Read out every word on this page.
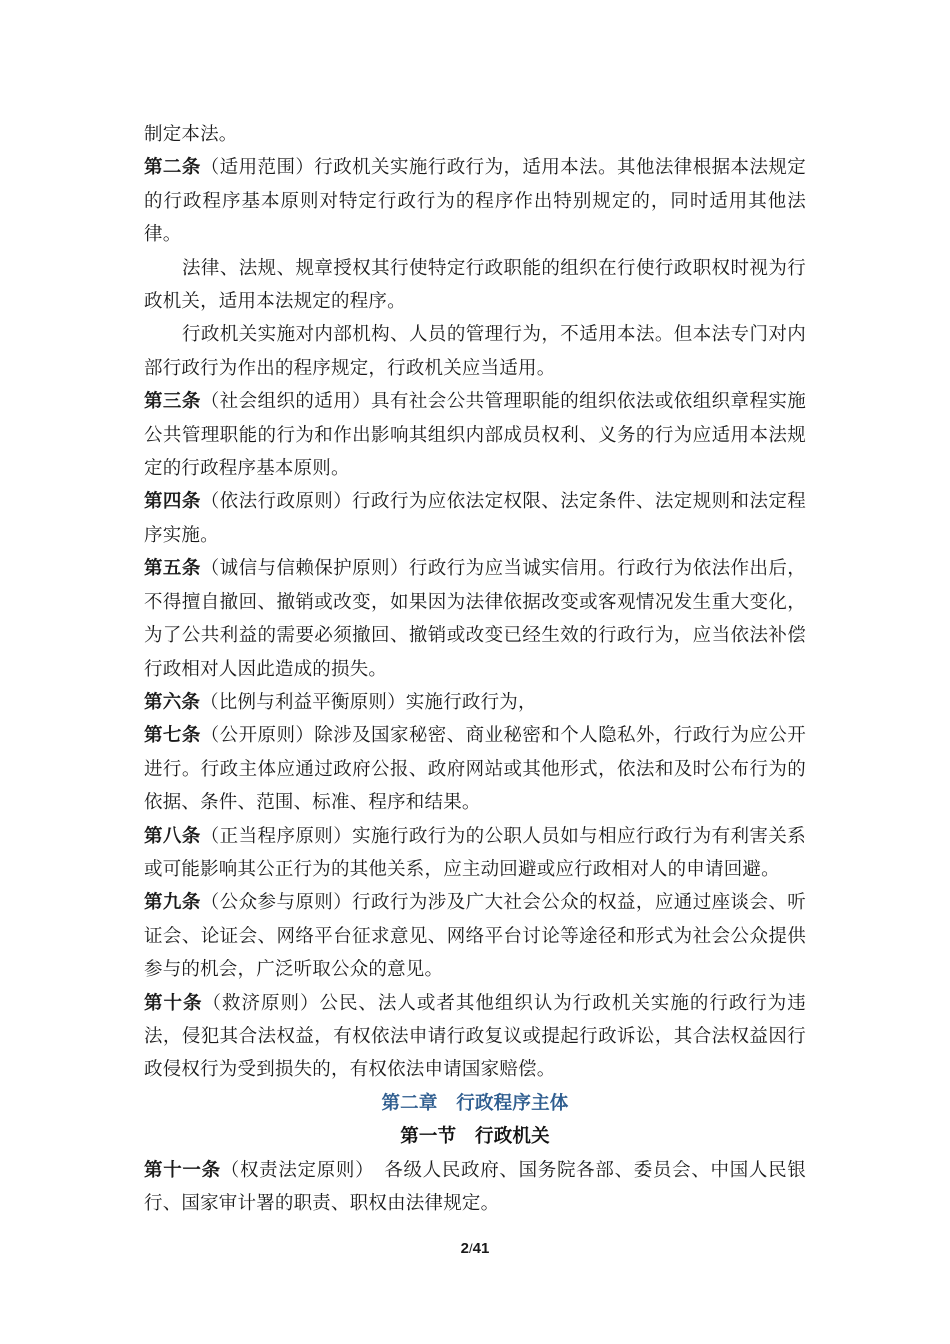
制定本法。

第二条（适用范围）行政机关实施行政行为，适用本法。其他法律根据本法规定的行政程序基本原则对特定行政行为的程序作出特别规定的，同时适用其他法律。

法律、法规、规章授权其行使特定行政职能的组织在行使行政职权时视为行政机关，适用本法规定的程序。

行政机关实施对内部机构、人员的管理行为，不适用本法。但本法专门对内部行政行为作出的程序规定，行政机关应当适用。

第三条（社会组织的适用）具有社会公共管理职能的组织依法或依组织章程实施公共管理职能的行为和作出影响其组织内部成员权利、义务的行为应适用本法规定的行政程序基本原则。

第四条（依法行政原则）行政行为应依法定权限、法定条件、法定规则和法定程序实施。

第五条（诚信与信赖保护原则）行政行为应当诚实信用。行政行为依法作出后，不得擅自撤回、撤销或改变，如果因为法律依据改变或客观情况发生重大变化，为了公共利益的需要必须撤回、撤销或改变已经生效的行政行为，应当依法补偿行政相对人因此造成的损失。

第六条（比例与利益平衡原则）实施行政行为，

第七条（公开原则）除涉及国家秘密、商业秘密和个人隐私外，行政行为应公开进行。行政主体应通过政府公报、政府网站或其他形式，依法和及时公布行为的依据、条件、范围、标准、程序和结果。

第八条（正当程序原则）实施行政行为的公职人员如与相应行政行为有利害关系或可能影响其公正行为的其他关系，应主动回避或应行政相对人的申请回避。

第九条（公众参与原则）行政行为涉及广大社会公众的权益，应通过座谈会、听证会、论证会、网络平台征求意见、网络平台讨论等途径和形式为社会公众提供参与的机会，广泛听取公众的意见。

第十条（救济原则）公民、法人或者其他组织认为行政机关实施的行政行为违法，侵犯其合法权益，有权依法申请行政复议或提起行政诉讼，其合法权益因行政侵权行为受到损失的，有权依法申请国家赔偿。

第二章　行政程序主体

第一节　行政机关

第十一条（权责法定原则）　各级人民政府、国务院各部、委员会、中国人民银行、国家审计署的职责、职权由法律规定。

2/41
